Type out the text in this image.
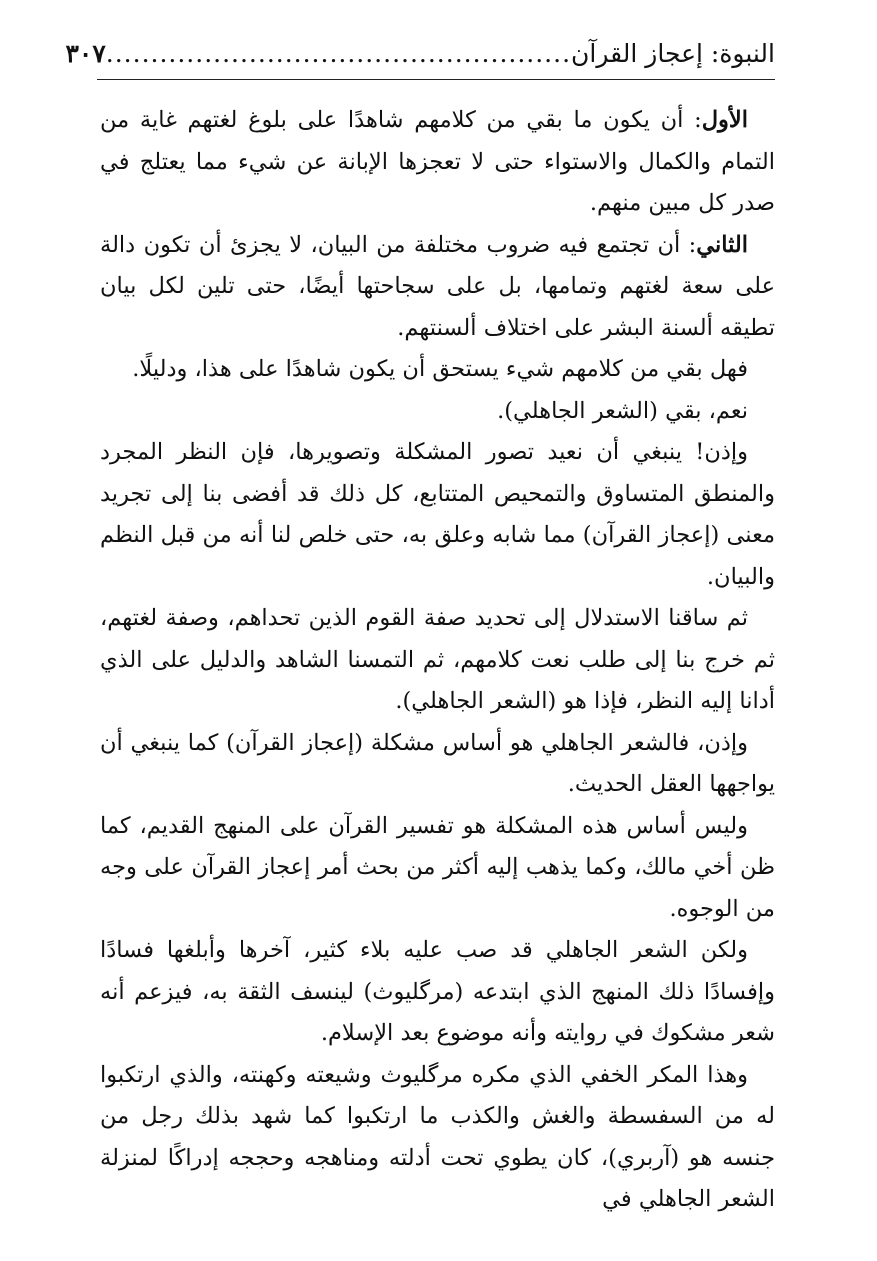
النبوة: إعجاز القرآن....................................................٣٠٧

الأول: أن يكون ما بقي من كلامهم شاهدًا على بلوغ لغتهم غاية من التمام والكمال والاستواء حتى لا تعجزها الإبانة عن شيء مما يعتلج في صدر كل مبين منهم.

الثاني: أن تجتمع فيه ضروب مختلفة من البيان، لا يجزئ أن تكون دالة على سعة لغتهم وتمامها، بل على سجاحتها أيضًا، حتى تلين لكل بيان تطيقه ألسنة البشر على اختلاف ألسنتهم.

فهل بقي من كلامهم شيء يستحق أن يكون شاهدًا على هذا، ودليلًا.

نعم، بقي (الشعر الجاهلي).

وإذن! ينبغي أن نعيد تصور المشكلة وتصويرها، فإن النظر المجرد والمنطق المتساوق والتمحيص المتتابع، كل ذلك قد أفضى بنا إلى تجريد معنى (إعجاز القرآن) مما شابه وعلق به، حتى خلص لنا أنه من قبل النظم والبيان.

ثم ساقنا الاستدلال إلى تحديد صفة القوم الذين تحداهم، وصفة لغتهم، ثم خرج بنا إلى طلب نعت كلامهم، ثم التمسنا الشاهد والدليل على الذي أدانا إليه النظر، فإذا هو (الشعر الجاهلي).

وإذن، فالشعر الجاهلي هو أساس مشكلة (إعجاز القرآن) كما ينبغي أن يواجهها العقل الحديث.

وليس أساس هذه المشكلة هو تفسير القرآن على المنهج القديم، كما ظن أخي مالك، وكما يذهب إليه أكثر من بحث أمر إعجاز القرآن على وجه من الوجوه.

ولكن الشعر الجاهلي قد صب عليه بلاء كثير، آخرها وأبلغها فسادًا وإفسادًا ذلك المنهج الذي ابتدعه (مرگليوث) لينسف الثقة به، فيزعم أنه شعر مشكوك في روايته وأنه موضوع بعد الإسلام.

وهذا المكر الخفي الذي مكره مرگليوث وشيعته وكهنته، والذي ارتكبوا له من السفسطة والغش والكذب ما ارتكبوا كما شهد بذلك رجل من جنسه هو (آربري)، كان يطوي تحت أدلته ومناهجه وحججه إدراكًا لمنزلة الشعر الجاهلي في
